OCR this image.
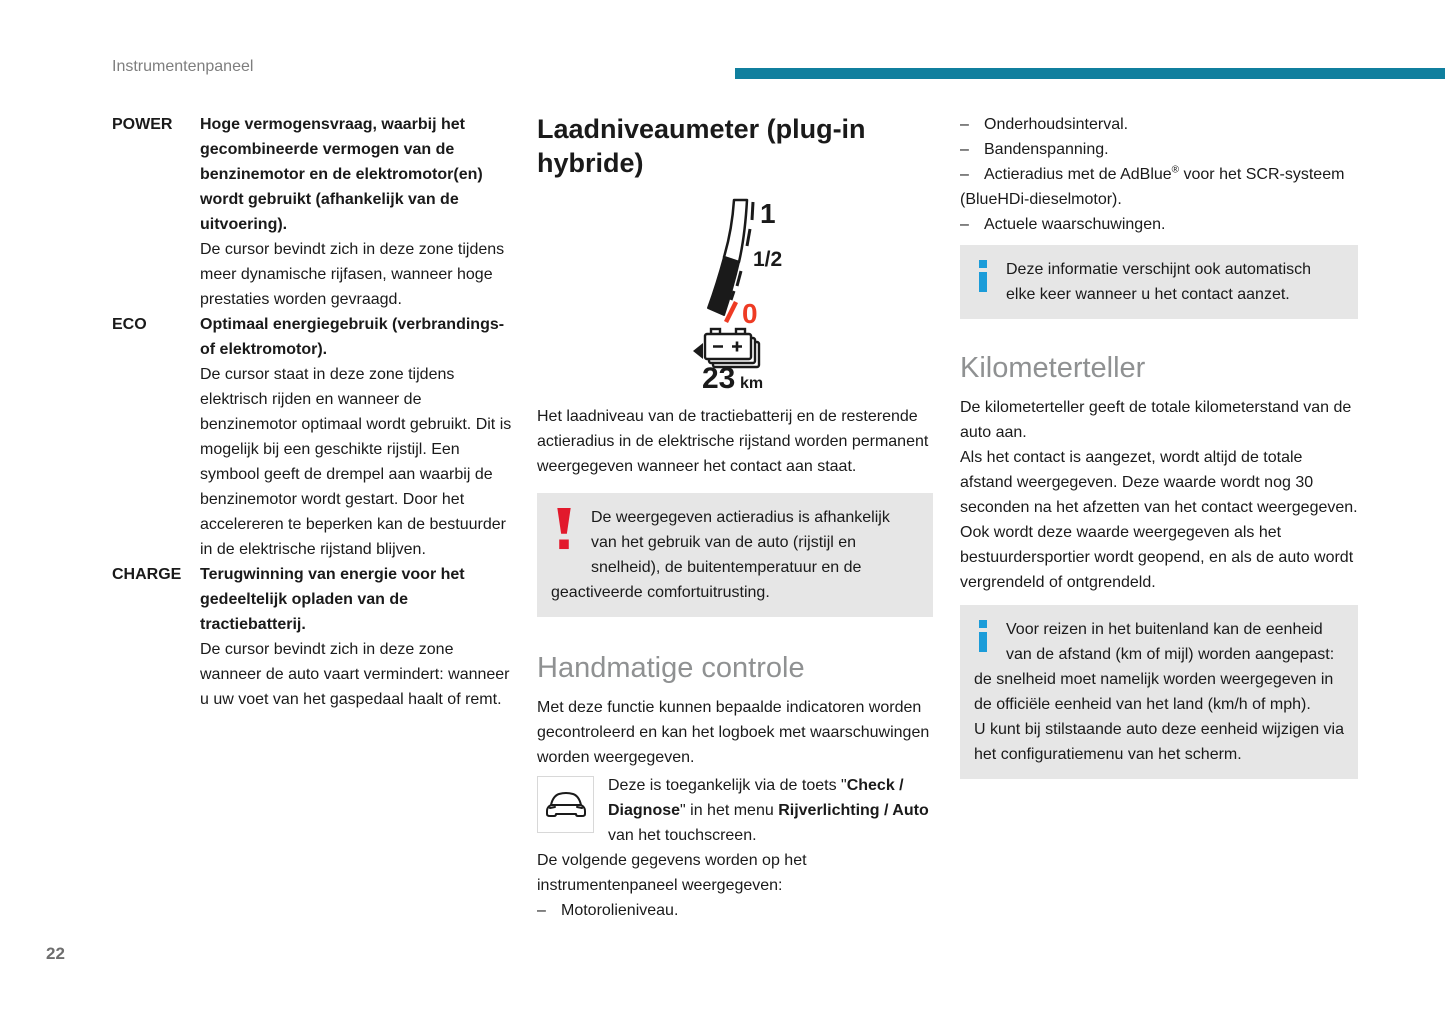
Instrumentenpaneel
POWER	Hoge vermogensvraag, waarbij het gecombineerde vermogen van de benzinemotor en de elektromotor(en) wordt gebruikt (afhankelijk van de uitvoering).

De cursor bevindt zich in deze zone tijdens meer dynamische rijfasen, wanneer hoge prestaties worden gevraagd.

ECO	Optimaal energiegebruik (verbrandings- of elektromotor).

De cursor staat in deze zone tijdens elektrisch rijden en wanneer de benzinemotor optimaal wordt gebruikt. Dit is mogelijk bij een geschikte rijstijl. Een symbool geeft de drempel aan waarbij de benzinemotor wordt gestart. Door het accelereren te beperken kan de bestuurder in de elektrische rijstand blijven.

CHARGE	Terugwinning van energie voor het gedeeltelijk opladen van de tractiebatterij.

De cursor bevindt zich in deze zone wanneer de auto vaart vermindert: wanneer u uw voet van het gaspedaal haalt of remt.

Laadniveaumeter (plug-in hybride)
1
1/2
0
23 km

Het laadniveau van de tractiebatterij en de resterende actieradius in de elektrische rijstand worden permanent weergegeven wanneer het contact aan staat.

De weergegeven actieradius is afhankelijk van het gebruik van de auto (rijstijl en snelheid), de buitentemperatuur en de geactiveerde comfortuitrusting.

Handmatige controle

Met deze functie kunnen bepaalde indicatoren worden gecontroleerd en kan het logboek met waarschuwingen worden weergegeven.

Deze is toegankelijk via de toets "Check / Diagnose" in het menu Rijverlichting / Auto van het touchscreen.

De volgende gegevens worden op het instrumentenpaneel weergegeven:

– Motorolieniveau.

– Onderhoudsinterval.

– Bandenspanning.

– Actieradius met de AdBlue® voor het SCR-systeem (BlueHDi-dieselmotor).

– Actuele waarschuwingen.

Deze informatie verschijnt ook automatisch elke keer wanneer u het contact aanzet.

Kilometerteller

De kilometerteller geeft de totale kilometerstand van de auto aan.

Als het contact is aangezet, wordt altijd de totale afstand weergegeven. Deze waarde wordt nog 30 seconden na het afzetten van het contact weergegeven. Ook wordt deze waarde weergegeven als het bestuurdersportier wordt geopend, en als de auto wordt vergrendeld of ontgrendeld.

Voor reizen in het buitenland kan de eenheid van de afstand (km of mijl) worden aangepast: de snelheid moet namelijk worden weergegeven in de officiële eenheid van het land (km/h of mph).

U kunt bij stilstaande auto deze eenheid wijzigen via het configuratiemenu van het scherm.

22
